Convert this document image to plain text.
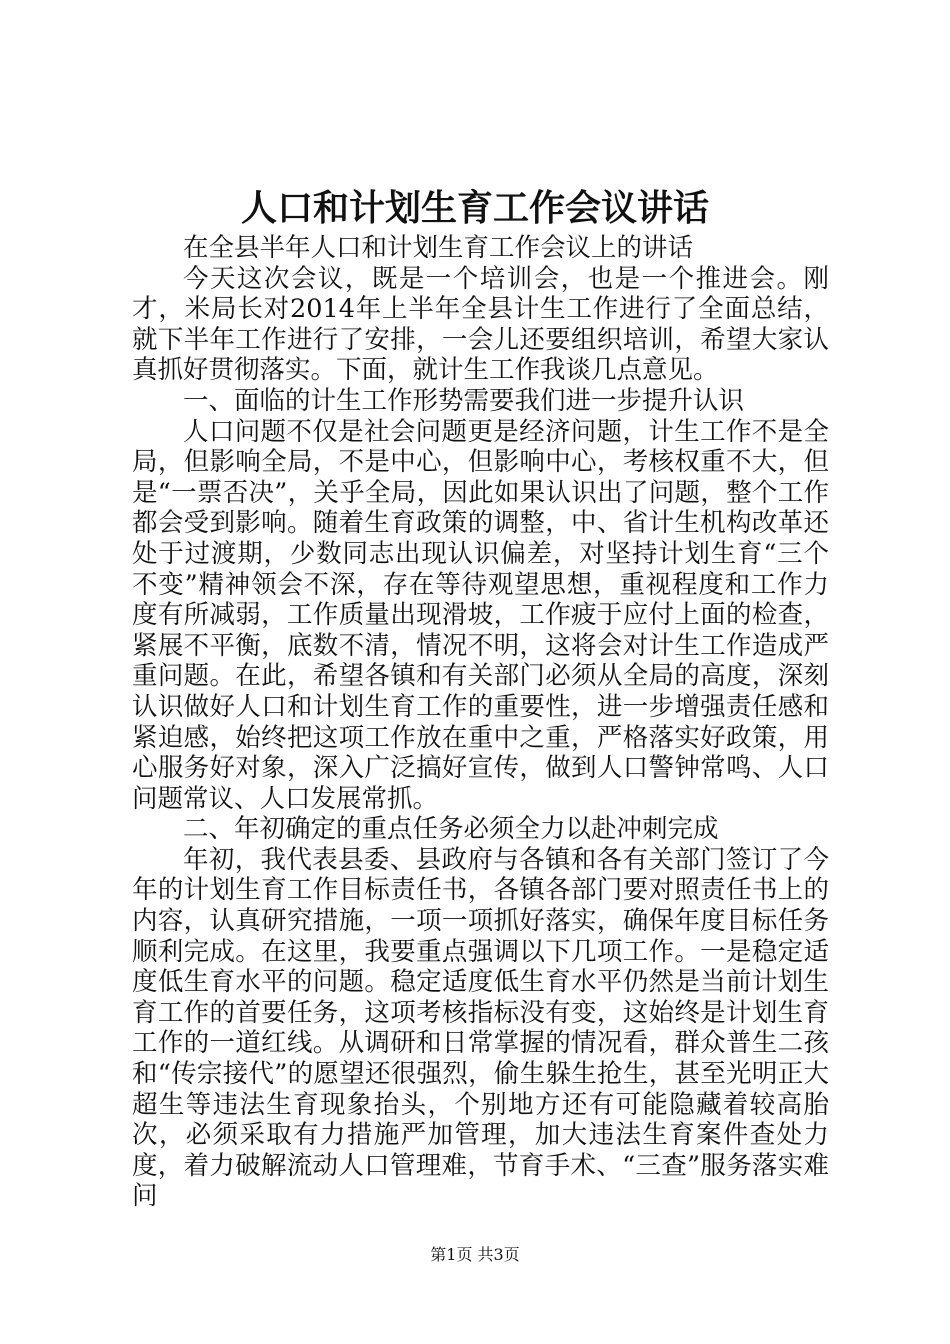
人口和计划生育工作会议讲话

在全县半年人口和计划生育工作会议上的讲话

今天这次会议，既是一个培训会，也是一个推进会。刚才，米局长对2014年上半年全县计生工作进行了全面总结，就下半年工作进行了安排，一会儿还要组织培训，希望大家认真抓好贯彻落实。下面，就计生工作我谈几点意见。

一、面临的计生工作形势需要我们进一步提升认识

人口问题不仅是社会问题更是经济问题，计生工作不是全局，但影响全局，不是中心，但影响中心，考核权重不大，但是“一票否决”，关乎全局，因此如果认识出了问题，整个工作都会受到影响。随着生育政策的调整，中、省计生机构改革还处于过渡期，少数同志出现认识偏差，对坚持计划生育“三个不变”精神领会不深，存在等待观望思想，重视程度和工作力度有所减弱，工作质量出现滑坡，工作疲于应付上面的检查，紧展不平衡，底数不清，情况不明，这将会对计生工作造成严重问题。在此，希望各镇和有关部门必须从全局的高度，深刻认识做好人口和计划生育工作的重要性，进一步增强责任感和紧迫感，始终把这项工作放在重中之重，严格落实好政策，用心服务好对象，深入广泛搞好宣传，做到人口警钟常鸣、人口问题常议、人口发展常抓。

二、年初确定的重点任务必须全力以赴冲刺完成

年初，我代表县委、县政府与各镇和各有关部门签订了今年的计划生育工作目标责任书，各镇各部门要对照责任书上的内容，认真研究措施，一项一项抓好落实，确保年度目标任务顺利完成。在这里，我要重点强调以下几项工作。一是稳定适度低生育水平的问题。稳定适度低生育水平仍然是当前计划生育工作的首要任务，这项考核指标没有变，这始终是计划生育工作的一道红线。从调研和日常掌握的情况看，群众普生二孩和“传宗接代”的愿望还很强烈，偷生躲生抢生，甚至光明正大超生等违法生育现象抬头，个别地方还有可能隐藏着较高胎次，必须采取有力措施严加管理，加大违法生育案件查处力度，着力破解流动人口管理难，节育手术、“三查”服务落实难问

第1页 共3页
